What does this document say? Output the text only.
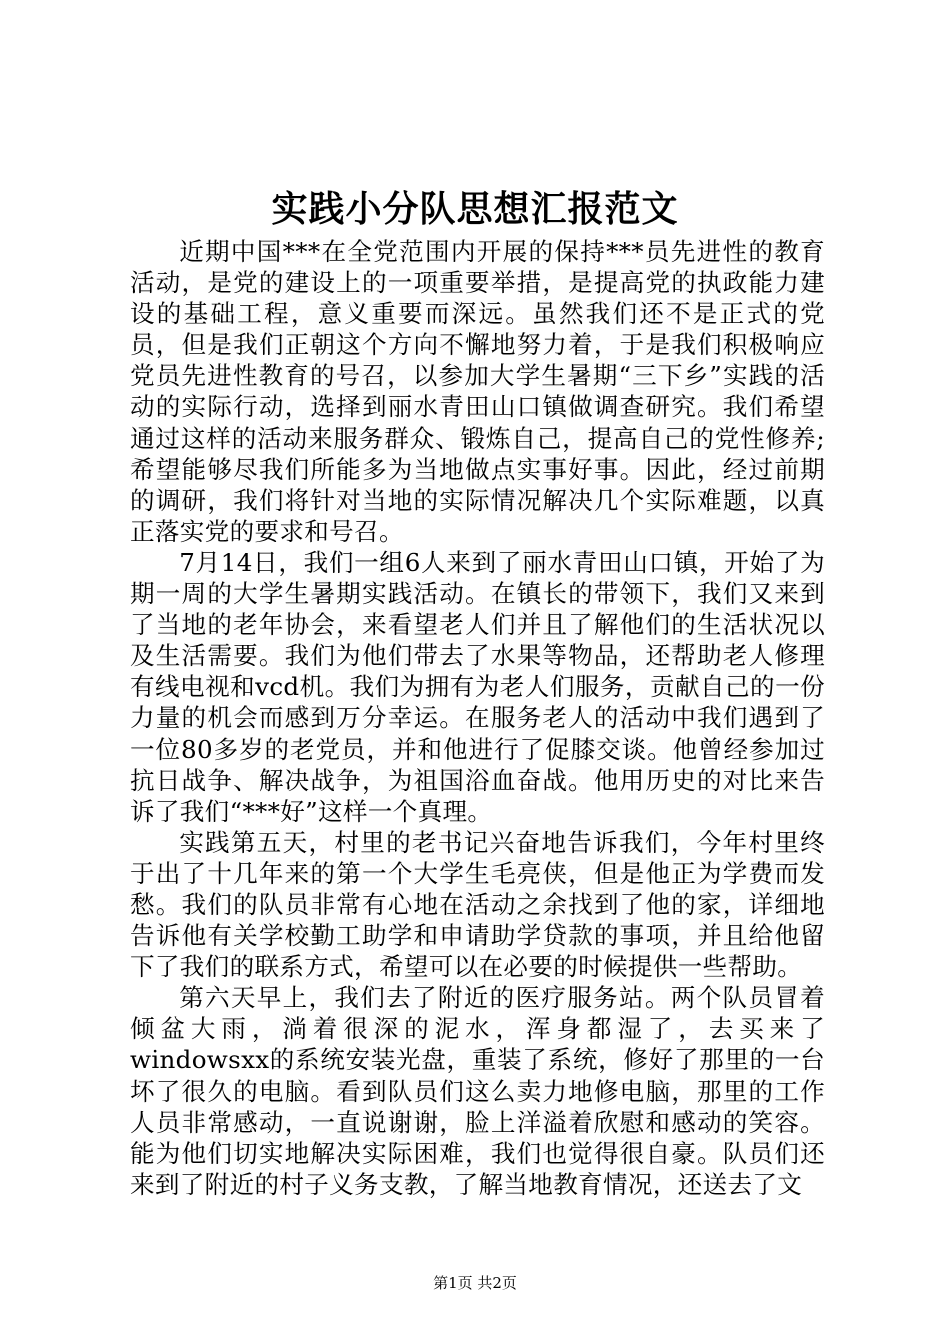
实践小分队思想汇报范文

近期中国***在全党范围内开展的保持***员先进性的教育活动，是党的建设上的一项重要举措，是提高党的执政能力建设的基础工程，意义重要而深远。虽然我们还不是正式的党员，但是我们正朝这个方向不懈地努力着，于是我们积极响应党员先进性教育的号召，以参加大学生暑期“三下乡”实践的活动的实际行动，选择到丽水青田山口镇做调查研究。我们希望通过这样的活动来服务群众、锻炼自己，提高自己的党性修养;希望能够尽我们所能多为当地做点实事好事。因此，经过前期的调研，我们将针对当地的实际情况解决几个实际难题，以真正落实党的要求和号召。

7月14日，我们一组6人来到了丽水青田山口镇，开始了为期一周的大学生暑期实践活动。在镇长的带领下，我们又来到了当地的老年协会，来看望老人们并且了解他们的生活状况以及生活需要。我们为他们带去了水果等物品，还帮助老人修理有线电视和vcd机。我们为拥有为老人们服务，贡献自己的一份力量的机会而感到万分幸运。在服务老人的活动中我们遇到了一位80多岁的老党员，并和他进行了促膝交谈。他曾经参加过抗日战争、解决战争，为祖国浴血奋战。他用历史的对比来告诉了我们“***好”这样一个真理。

实践第五天，村里的老书记兴奋地告诉我们，今年村里终于出了十几年来的第一个大学生毛亮侠，但是他正为学费而发愁。我们的队员非常有心地在活动之余找到了他的家，详细地告诉他有关学校勤工助学和申请助学贷款的事项，并且给他留下了我们的联系方式，希望可以在必要的时候提供一些帮助。

第六天早上，我们去了附近的医疗服务站。两个队员冒着倾盆大雨，淌着很深的泥水，浑身都湿了，去买来了windowsxx的系统安装光盘，重装了系统，修好了那里的一台坏了很久的电脑。看到队员们这么卖力地修电脑，那里的工作人员非常感动，一直说谢谢，脸上洋溢着欣慰和感动的笑容。能为他们切实地解决实际困难，我们也觉得很自豪。队员们还来到了附近的村子义务支教，了解当地教育情况，还送去了文

第1页 共2页
